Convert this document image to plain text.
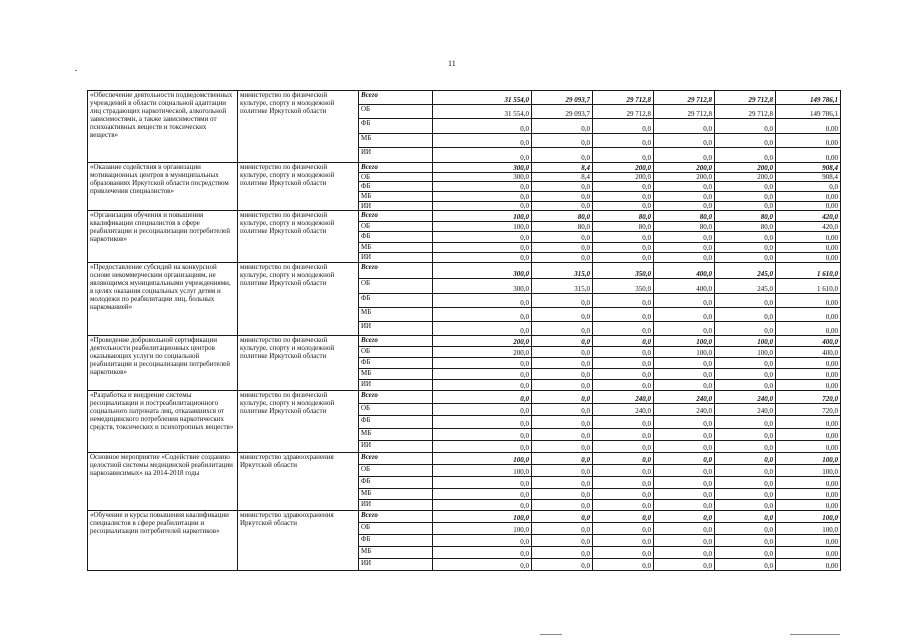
11
«Обеспечение деятельности подведомственных учреждений в области социальной адаптации лиц страдающих наркотической, алкогольной зависимостями, а также зависимостями от психоактивных веществ и токсических веществ»	министерство по физической культуре, спорту и молодежной политике Иркутской области	Всего	31 554,0	29 093,7	29 712,8	29 712,8	29 712,8	149 786,1
		ОБ	31 554,0	29 093,7	29 712,8	29 712,8	29 712,8	149 786,1
		ФБ	0,0	0,0	0,0	0,0	0,0	0,00
		МБ	0,0	0,0	0,0	0,0	0,0	0,00
		ИИ	0,0	0,0	0,0	0,0	0,0	0,00
«Оказание содействия в организации мотивационных центров в муниципальных образованиях Иркутской области посредством привлечения специалистов»	министерство по физической культуре, спорту и молодежной политике Иркутской области	Всего	300,0	8,4	200,0	200,0	200,0	908,4
		ОБ	300,0	8,4	200,0	200,0	200,0	908,4
		ФБ	0,0	0,0	0,0	0,0	0,0	0,0
		МБ	0,0	0,0	0,0	0,0	0,0	0,00
		ИИ	0,0	0,0	0,0	0,0	0,0	0,00
«Организация обучения и повышения квалификации специалистов в сфере реабилитации и ресоциализации потребителей наркотиков»	министерство по физической культуре, спорту и молодежной политике Иркутской области	Всего	100,0	80,0	80,0	80,0	80,0	420,0
		ОБ	100,0	80,0	80,0	80,0	80,0	420,0
		ФБ	0,0	0,0	0,0	0,0	0,0	0,00
		МБ	0,0	0,0	0,0	0,0	0,0	0,00
		ИИ	0,0	0,0	0,0	0,0	0,0	0,00
«Предоставление субсидий на конкурсной основе некоммерческим организациям, не являющимся муниципальными учреждениями, в целях оказания социальных услуг детям и молодежи по реабилитации лиц, больных наркоманией»	министерство по физической культуре, спорту и молодежной политике Иркутской области	Всего	300,0	315,0	350,0	400,0	245,0	1 610,0
		ОБ	300,0	315,0	350,0	400,0	245,0	1 610,0
		ФБ	0,0	0,0	0,0	0,0	0,0	0,00
		МБ	0,0	0,0	0,0	0,0	0,0	0,00
		ИИ	0,0	0,0	0,0	0,0	0,0	0,00
«Проведение добровольной сертификации деятельности реабилитационных центров оказывающих услуги по социальной реабилитации и ресоциализации потребителей наркотиков»	министерство по физической культуре, спорту и молодежной политике Иркутской области	Всего	200,0	0,0	0,0	100,0	100,0	400,0
		ОБ	200,0	0,0	0,0	100,0	100,0	400,0
		ФБ	0,0	0,0	0,0	0,0	0,0	0,00
		МБ	0,0	0,0	0,0	0,0	0,0	0,00
		ИИ	0,0	0,0	0,0	0,0	0,0	0,00
«Разработка и внедрение системы ресоциализации и постреабилитационного социального патроната лиц, отказавшихся от немедицинского потребления наркотических средств, токсических и психотропных веществ»	министерство по физической культуре, спорту и молодежной политике Иркутской области	Всего	0,0	0,0	240,0	240,0	240,0	720,0
		ОБ	0,0	0,0	240,0	240,0	240,0	720,0
		ФБ	0,0	0,0	0,0	0,0	0,0	0,00
		МБ	0,0	0,0	0,0	0,0	0,0	0,00
		ИИ	0,0	0,0	0,0	0,0	0,0	0,00
Основное мероприятие «Содействие созданию целостной системы медицинской реабилитации наркозависимых» на 2014-2018 годы	министерство здравоохранения Иркутской области	Всего	100,0	0,0	0,0	0,0	0,0	100,0
		ОБ	100,0	0,0	0,0	0,0	0,0	100,0
		ФБ	0,0	0,0	0,0	0,0	0,0	0,00
		МБ	0,0	0,0	0,0	0,0	0,0	0,00
		ИИ	0,0	0,0	0,0	0,0	0,0	0,00
«Обучение и курсы повышения квалификации специалистов в сфере реабилитации и ресоциализации потребителей наркотиков»	министерство здравоохранения Иркутской области	Всего	100,0	0,0	0,0	0,0	0,0	100,0
		ОБ	100,0	0,0	0,0	0,0	0,0	100,0
		ФБ	0,0	0,0	0,0	0,0	0,0	0,00
		МБ	0,0	0,0	0,0	0,0	0,0	0,00
		ИИ	0,0	0,0	0,0	0,0	0,0	0,00
